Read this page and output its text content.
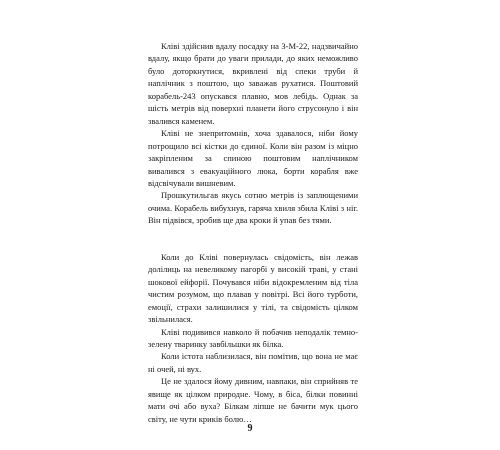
Кліві здійснив вдалу посадку на З-М-22, надзвичайно вдалу, якщо брати до уваги прилади, до яких неможливо було доторкнутися, вкривлені від спеки труби й наплічник з поштою, що заважав рухатися. Поштовий корабель-243 опускався плавно, мов лебідь. Однак за шість метрів від поверхні планети його струсонуло і він звалився каменем.

Кліві не знепритомнів, хоча здавалося, ніби йому потрощило всі кістки до єдиної. Коли він разом із міцно закріпленим за спиною поштовим наплічником вивалився з евакуаційного люка, борти корабля вже відсвічували вишневим.

Прошкутильгав якусь сотню метрів із заплющеними очима. Корабель вибухнув, гаряча хвиля збила Кліві з ніг. Він підвівся, зробив ще два кроки й упав без тями.

Коли до Кліві повернулась свідомість, він лежав долілиць на невеликому пагорбі у високій траві, у стані шокової ейфорії. Почувався ніби відокремленим від тіла чистим розумом, що плавав у повітрі. Всі його турботи, емоції, страхи залишилися у тілі, та свідомість цілком звільнилася.

Кліві подивився навколо й побачив неподалік темно-зелену тваринку завбільшки як білка.

Коли істота наблизилася, він помітив, що вона не має ні очей, ні вух.

Це не здалося йому дивним, навпаки, він сприйняв те явище як цілком природне. Чому, в біса, білки повинні мати очі або вуха? Білкам ліпше не бачити мук цього світу, не чути криків болю…

9
